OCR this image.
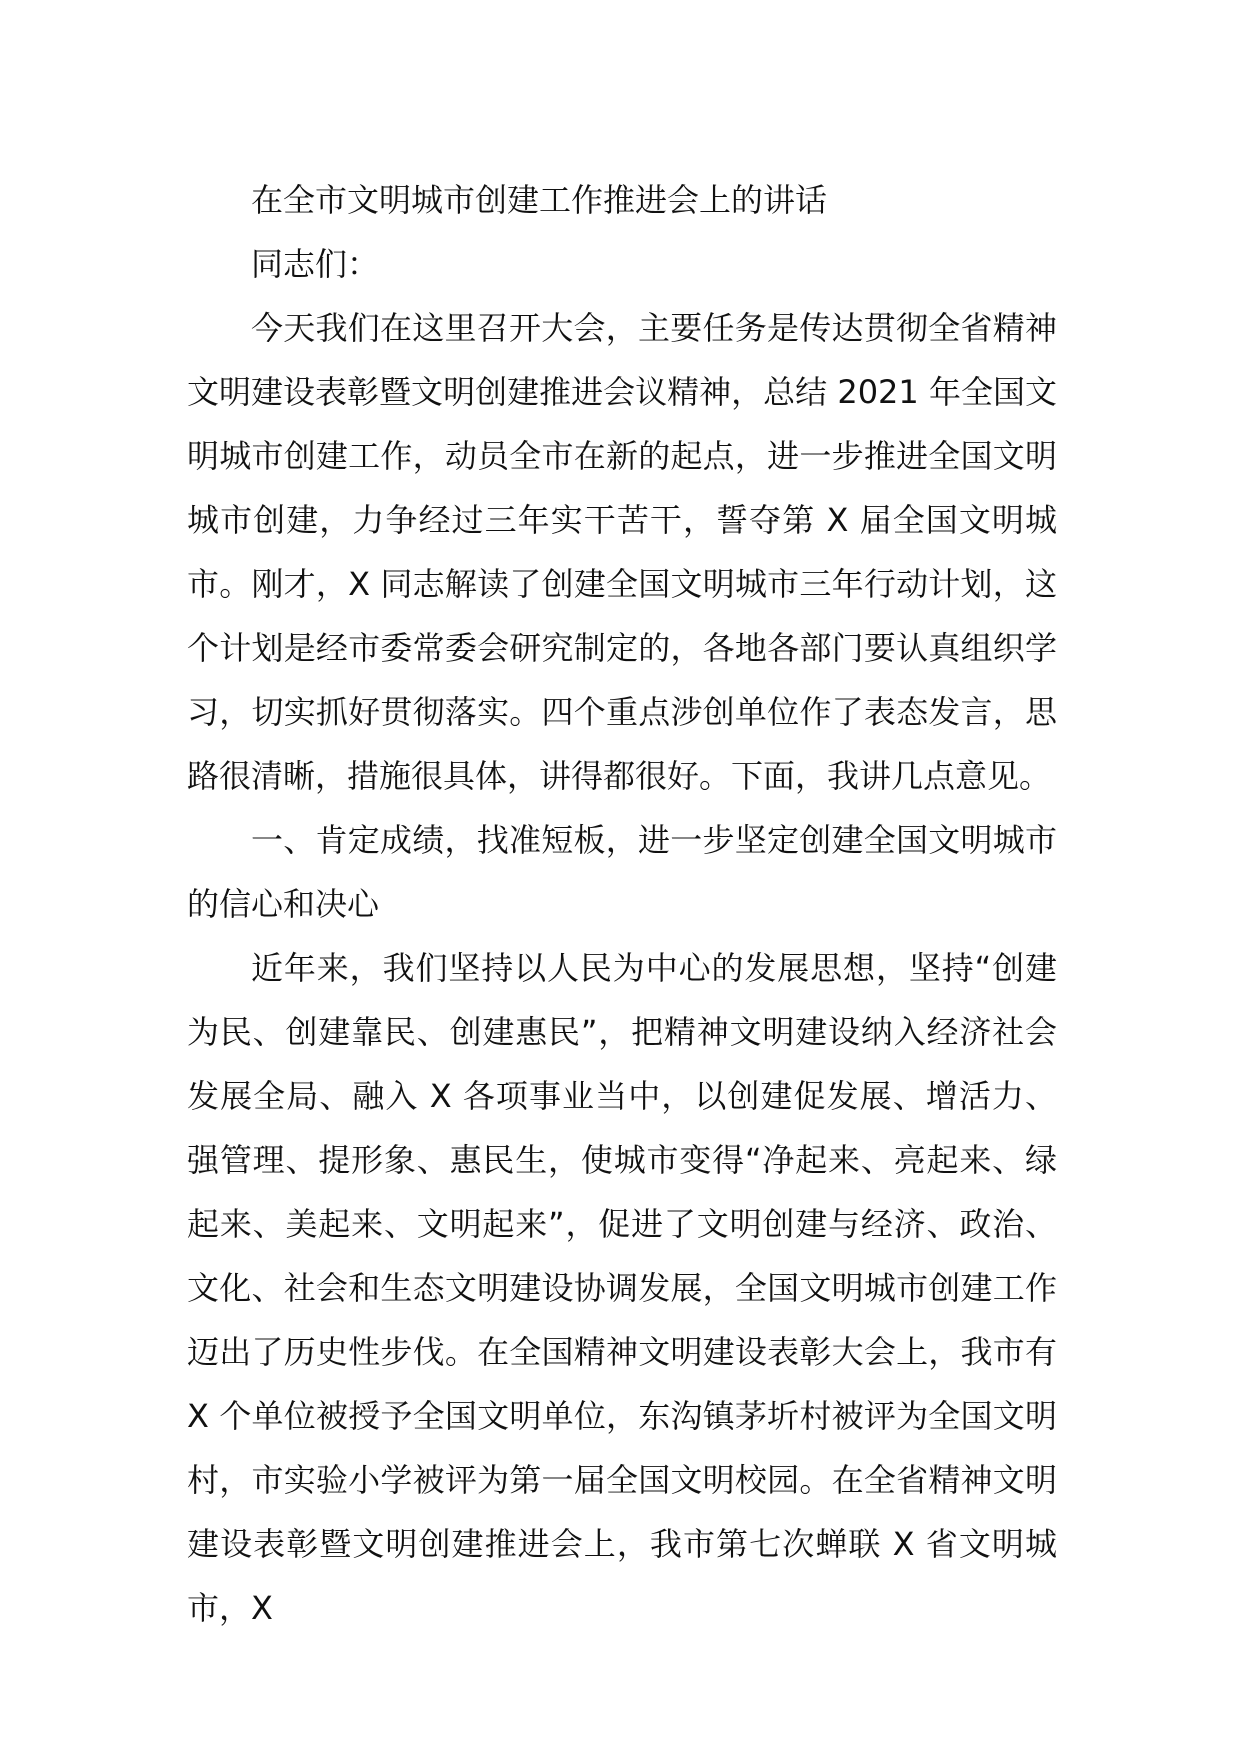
在全市文明城市创建工作推进会上的讲话

同志们：

今天我们在这里召开大会，主要任务是传达贯彻全省精神文明建设表彰暨文明创建推进会议精神，总结 2021 年全国文明城市创建工作，动员全市在新的起点，进一步推进全国文明城市创建，力争经过三年实干苦干，誓夺第 X 届全国文明城市。刚才，X 同志解读了创建全国文明城市三年行动计划，这个计划是经市委常委会研究制定的，各地各部门要认真组织学习，切实抓好贯彻落实。四个重点涉创单位作了表态发言，思路很清晰，措施很具体，讲得都很好。下面，我讲几点意见。

一、肯定成绩，找准短板，进一步坚定创建全国文明城市的信心和决心

近年来，我们坚持以人民为中心的发展思想，坚持“创建为民、创建靠民、创建惠民”，把精神文明建设纳入经济社会发展全局、融入 X 各项事业当中，以创建促发展、增活力、强管理、提形象、惠民生，使城市变得“净起来、亮起来、绿起来、美起来、文明起来”，促进了文明创建与经济、政治、文化、社会和生态文明建设协调发展，全国文明城市创建工作迈出了历史性步伐。在全国精神文明建设表彰大会上，我市有 X 个单位被授予全国文明单位，东沟镇茅圻村被评为全国文明村，市实验小学被评为第一届全国文明校园。在全省精神文明建设表彰暨文明创建推进会上，我市第七次蝉联 X 省文明城市，X
